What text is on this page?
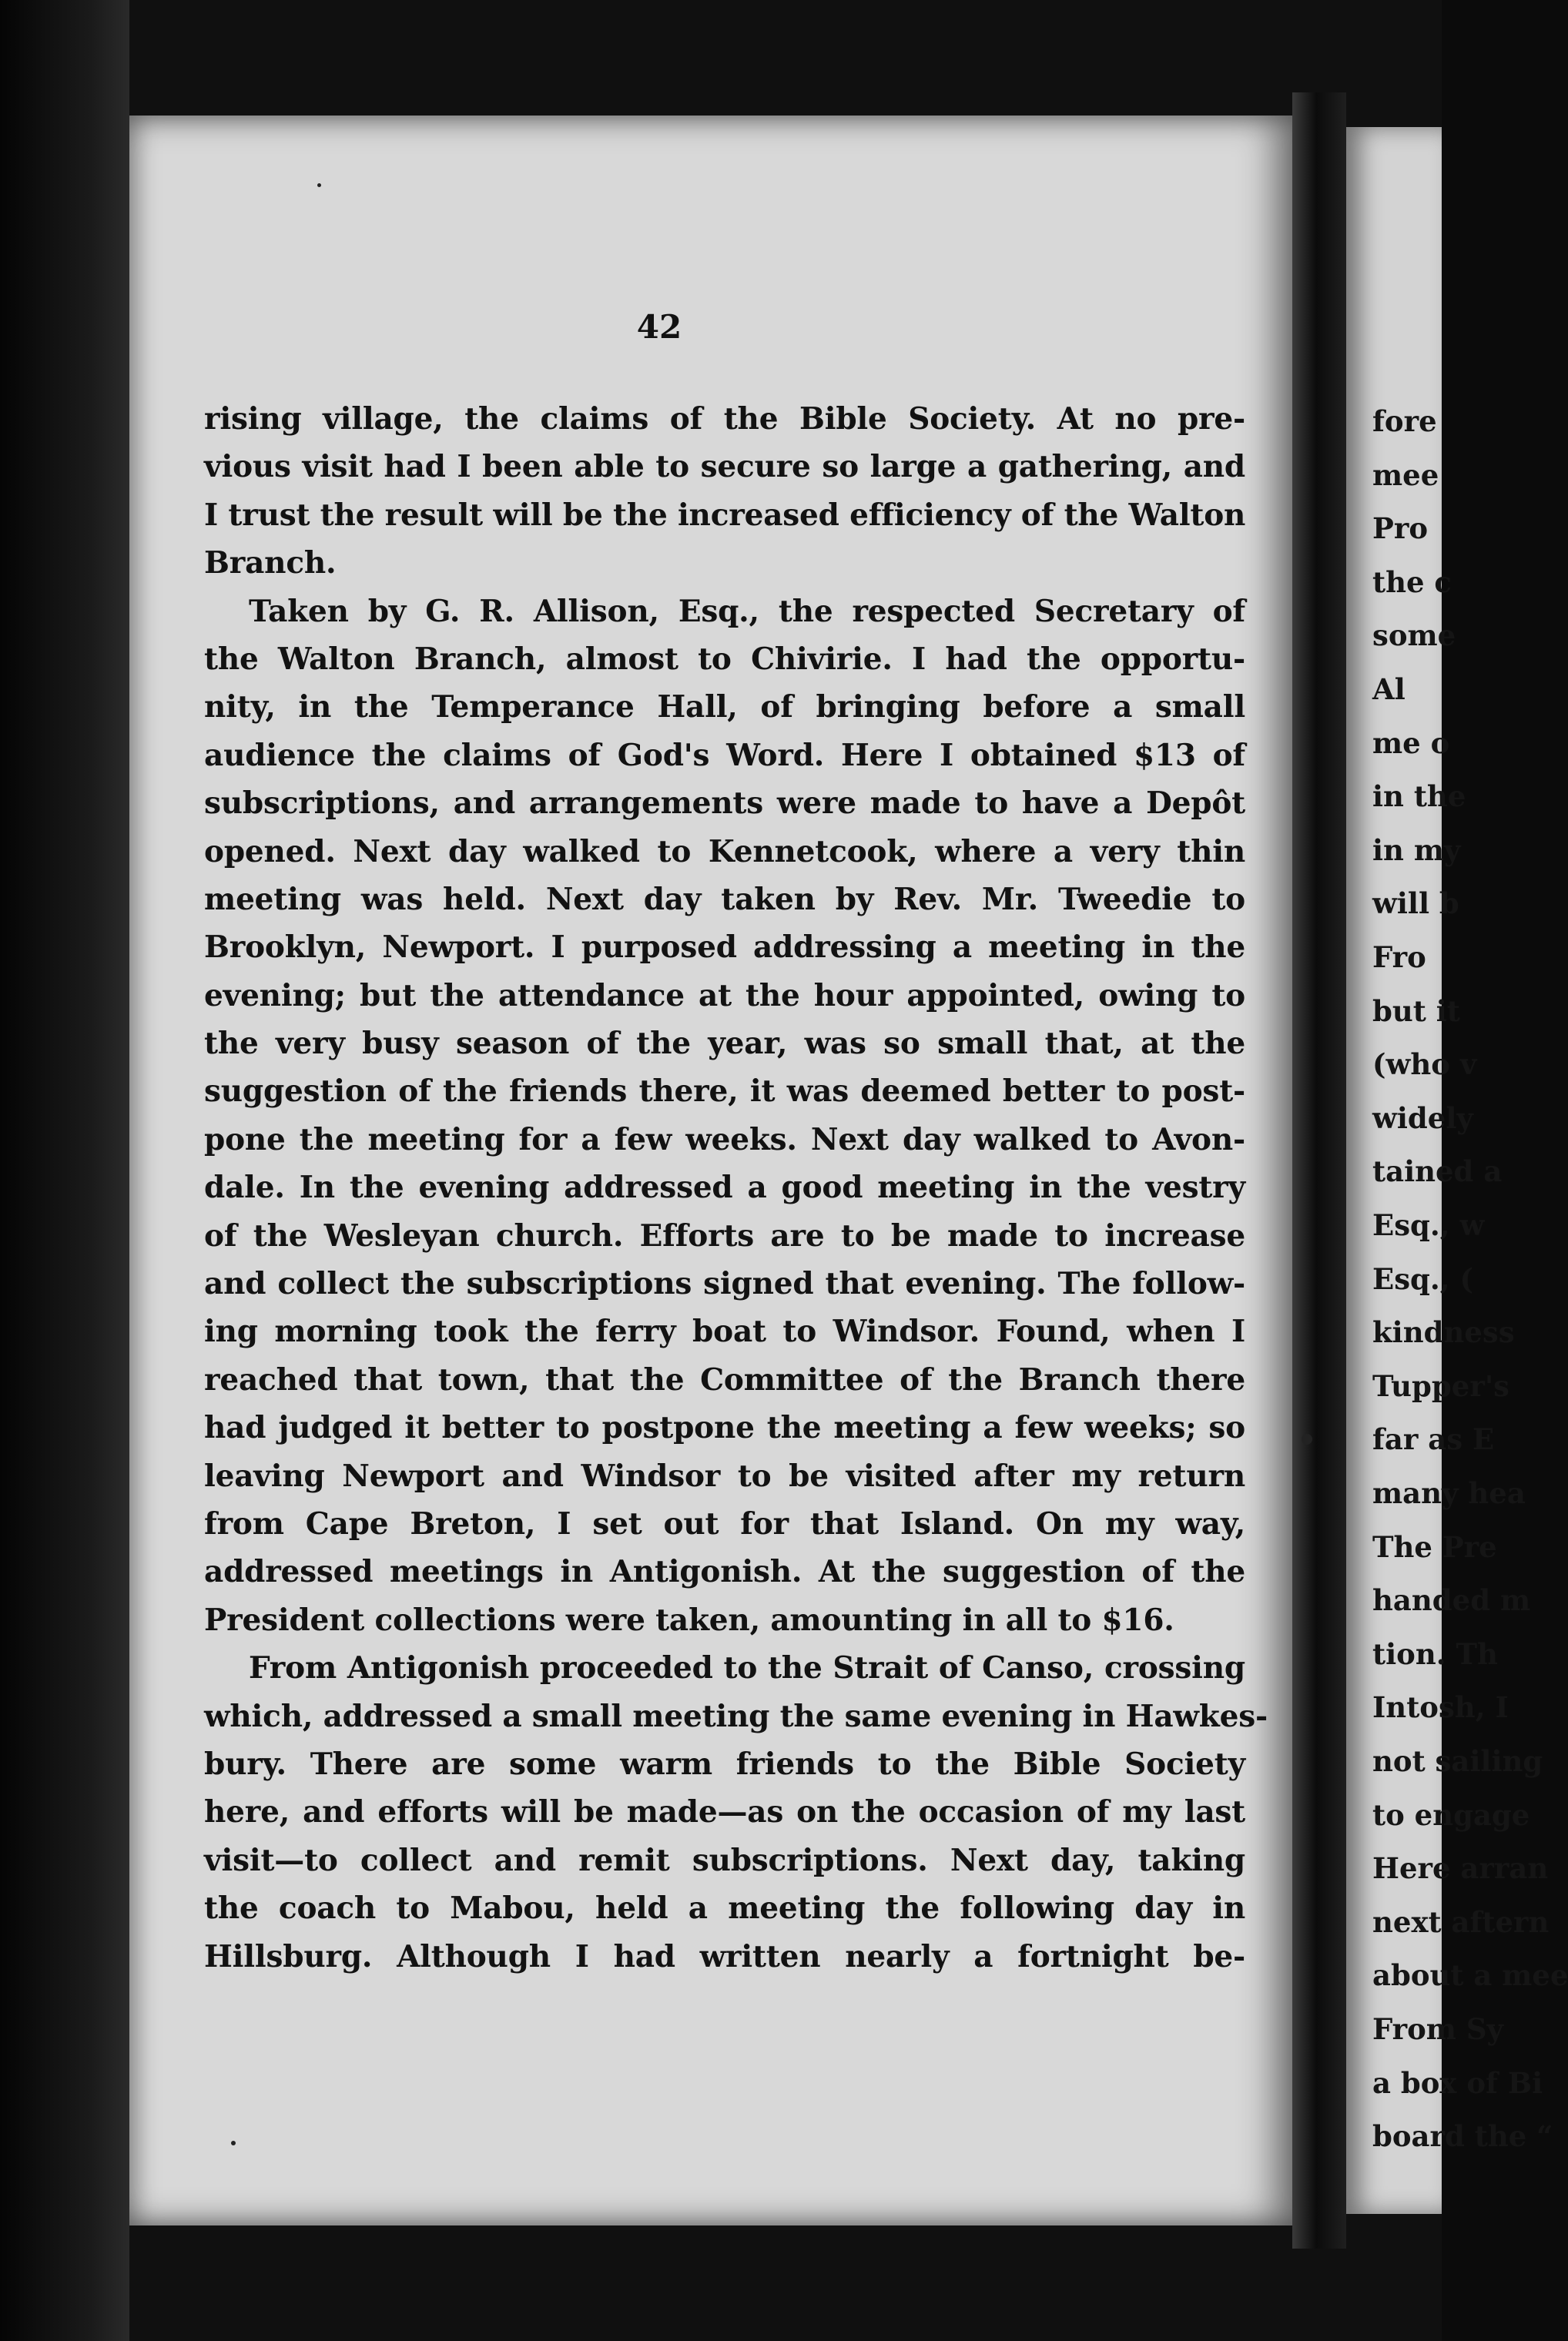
42
rising village, the claims of the Bible Society. At no pre-
vious visit had I been able to secure so large a gathering, and
I trust the result will be the increased efficiency of the Walton
Branch.
Taken by G. R. Allison, Esq., the respected Secretary of
the Walton Branch, almost to Chivirie. I had the opportu-
nity, in the Temperance Hall, of bringing before a small
audience the claims of God's Word. Here I obtained $13 of
subscriptions, and arrangements were made to have a Depôt
opened. Next day walked to Kennetcook, where a very thin
meeting was held. Next day taken by Rev. Mr. Tweedie to
Brooklyn, Newport. I purposed addressing a meeting in the
evening; but the attendance at the hour appointed, owing to
the very busy season of the year, was so small that, at the
suggestion of the friends there, it was deemed better to post-
pone the meeting for a few weeks. Next day walked to Avon-
dale. In the evening addressed a good meeting in the vestry
of the Wesleyan church. Efforts are to be made to increase
and collect the subscriptions signed that evening. The follow-
ing morning took the ferry boat to Windsor. Found, when I
reached that town, that the Committee of the Branch there
had judged it better to postpone the meeting a few weeks; so
leaving Newport and Windsor to be visited after my return
from Cape Breton, I set out for that Island. On my way,
addressed meetings in Antigonish. At the suggestion of the
President collections were taken, amounting in all to $16.
From Antigonish proceeded to the Strait of Canso, crossing
which, addressed a small meeting the same evening in Hawkes-
bury. There are some warm friends to the Bible Society
here, and efforts will be made—as on the occasion of my last
visit—to collect and remit subscriptions. Next day, taking
the coach to Mabou, held a meeting the following day in
Hillsburg. Although I had written nearly a fortnight be-
fore
mee
Pro
the c
some
Al
me o
in the
in my
will b
Fro
but it
(who v
widely
tained a
Esq., w
Esq., (
kindness
Tupper's
far as E
many hea
The Pre
handed m
tion. Th
Intosh, I
not sailing
to engage
Here arran
next aftern
about a mee
From Sy
a box of Bi
board the “
